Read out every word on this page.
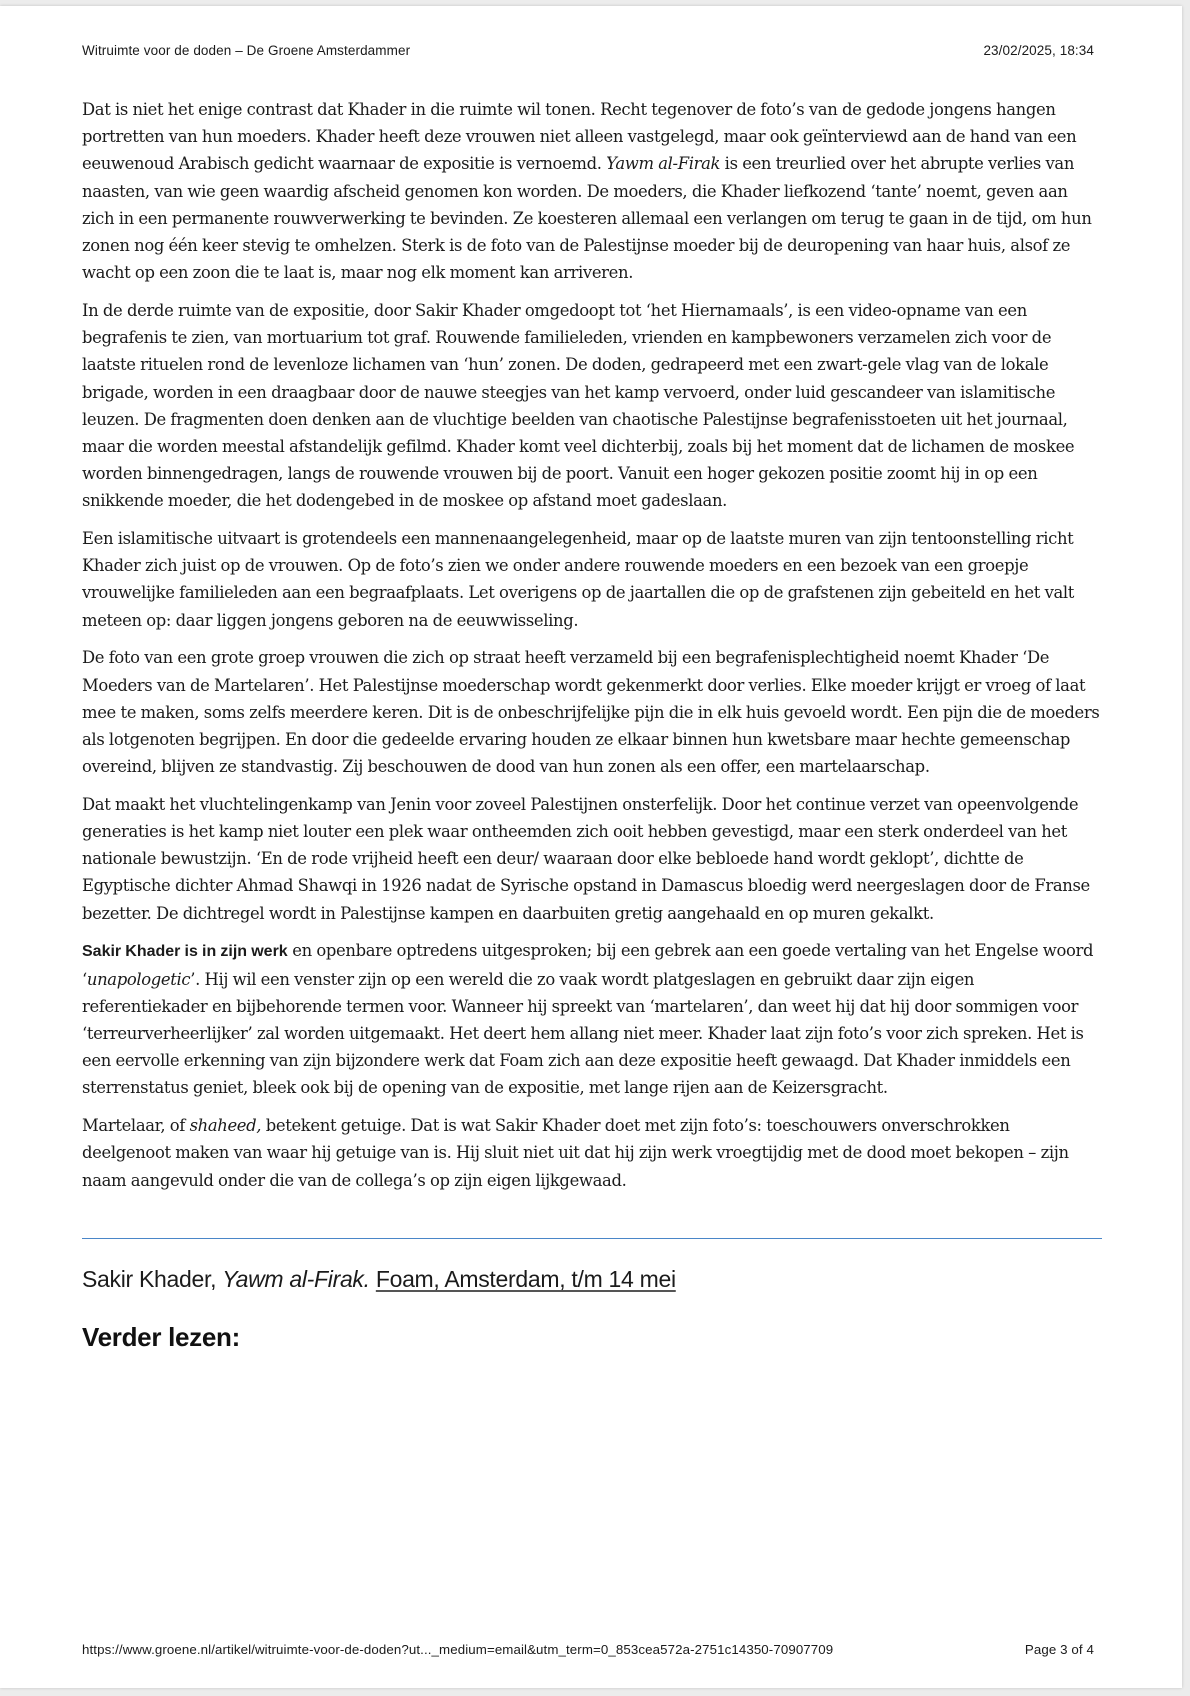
Witruimte voor de doden – De Groene Amsterdammer	23/02/2025, 18:34

Dat is niet het enige contrast dat Khader in die ruimte wil tonen. Recht tegenover de foto’s van de gedode jongens hangen portretten van hun moeders. Khader heeft deze vrouwen niet alleen vastgelegd, maar ook geïnterviewd aan de hand van een eeuwenoud Arabisch gedicht waarnaar de expositie is vernoemd. Yawm al-Firak is een treurlied over het abrupte verlies van naasten, van wie geen waardig afscheid genomen kon worden. De moeders, die Khader liefkozend ‘tante’ noemt, geven aan zich in een permanente rouwverwerking te bevinden. Ze koesteren allemaal een verlangen om terug te gaan in de tijd, om hun zonen nog één keer stevig te omhelzen. Sterk is de foto van de Palestijnse moeder bij de deuropening van haar huis, alsof ze wacht op een zoon die te laat is, maar nog elk moment kan arriveren.

In de derde ruimte van de expositie, door Sakir Khader omgedoopt tot ‘het Hiernamaals’, is een video-opname van een begrafenis te zien, van mortuarium tot graf. Rouwende familieleden, vrienden en kampbewoners verzamelen zich voor de laatste rituelen rond de levenloze lichamen van ‘hun’ zonen. De doden, gedrapeerd met een zwart-gele vlag van de lokale brigade, worden in een draagbaar door de nauwe steegjes van het kamp vervoerd, onder luid gescandeer van islamitische leuzen. De fragmenten doen denken aan de vluchtige beelden van chaotische Palestijnse begrafenisstoeten uit het journaal, maar die worden meestal afstandelijk gefilmd. Khader komt veel dichterbij, zoals bij het moment dat de lichamen de moskee worden binnengedragen, langs de rouwende vrouwen bij de poort. Vanuit een hoger gekozen positie zoomt hij in op een snikkende moeder, die het dodengebed in de moskee op afstand moet gadeslaan.

Een islamitische uitvaart is grotendeels een mannenaangelegenheid, maar op de laatste muren van zijn tentoonstelling richt Khader zich juist op de vrouwen. Op de foto’s zien we onder andere rouwende moeders en een bezoek van een groepje vrouwelijke familieleden aan een begraafplaats. Let overigens op de jaartallen die op de grafstenen zijn gebeiteld en het valt meteen op: daar liggen jongens geboren na de eeuwwisseling.

De foto van een grote groep vrouwen die zich op straat heeft verzameld bij een begrafenisplechtigheid noemt Khader ‘De Moeders van de Martelaren’. Het Palestijnse moederschap wordt gekenmerkt door verlies. Elke moeder krijgt er vroeg of laat mee te maken, soms zelfs meerdere keren. Dit is de onbeschrijfelijke pijn die in elk huis gevoeld wordt. Een pijn die de moeders als lotgenoten begrijpen. En door die gedeelde ervaring houden ze elkaar binnen hun kwetsbare maar hechte gemeenschap overeind, blijven ze standvastig. Zij beschouwen de dood van hun zonen als een offer, een martelaarschap.

Dat maakt het vluchtelingenkamp van Jenin voor zoveel Palestijnen onsterfelijk. Door het continue verzet van opeenvolgende generaties is het kamp niet louter een plek waar ontheemden zich ooit hebben gevestigd, maar een sterk onderdeel van het nationale bewustzijn. ‘En de rode vrijheid heeft een deur/ waaraan door elke bebloede hand wordt geklopt’, dichtte de Egyptische dichter Ahmad Shawqi in 1926 nadat de Syrische opstand in Damascus bloedig werd neergeslagen door de Franse bezetter. De dichtregel wordt in Palestijnse kampen en daarbuiten gretig aangehaald en op muren gekalkt.

Sakir Khader is in zijn werk en openbare optredens uitgesproken; bij een gebrek aan een goede vertaling van het Engelse woord ‘unapologetic’. Hij wil een venster zijn op een wereld die zo vaak wordt platgeslagen en gebruikt daar zijn eigen referentiekader en bijbehorende termen voor. Wanneer hij spreekt van ‘martelaren’, dan weet hij dat hij door sommigen voor ‘terreurverheerlijker’ zal worden uitgemaakt. Het deert hem allang niet meer. Khader laat zijn foto’s voor zich spreken. Het is een eervolle erkenning van zijn bijzondere werk dat Foam zich aan deze expositie heeft gewaagd. Dat Khader inmiddels een sterrenstatus geniet, bleek ook bij de opening van de expositie, met lange rijen aan de Keizersgracht.

Martelaar, of shaheed, betekent getuige. Dat is wat Sakir Khader doet met zijn foto’s: toeschouwers onverschrokken deelgenoot maken van waar hij getuige van is. Hij sluit niet uit dat hij zijn werk vroegtijdig met de dood moet bekopen – zijn naam aangevuld onder die van de collega’s op zijn eigen lijkgewaad.

Sakir Khader, Yawm al-Firak. Foam, Amsterdam, t/m 14 mei
Verder lezen:
https://www.groene.nl/artikel/witruimte-voor-de-doden?ut..._medium=email&utm_term=0_853cea572a-2751c14350-70907709	Page 3 of 4
